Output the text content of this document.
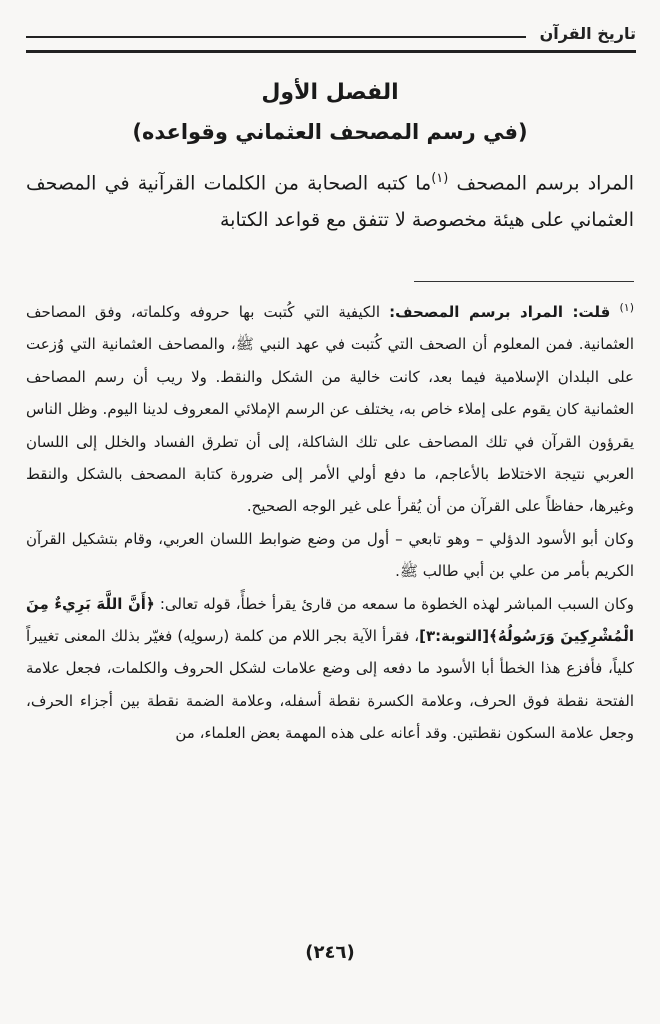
تاريخ القرآن
الفصل الأول
(في رسم المصحف العثماني وقواعده)

المراد برسم المصحف $^{(١)}$ما كتبه الصحابة من الكلمات القرآنية في المصحف العثماني على هيئة مخصوصة لا تتفق مع قواعد الكتابة

$^{(١)}$ قلت: المراد برسم المصحف: الكيفية التي كُتبت بها حروفه وكلماته، وفق المصاحف العثمانية. فمن المعلوم أن الصحف التي كُتبت في عهد النبي ﷺ، والمصاحف العثمانية التي وُزعت على البلدان الإسلامية فيما بعد، كانت خالية من الشكل والنقط. ولا ريب أن رسم المصاحف العثمانية كان يقوم على إملاء خاص به، يختلف عن الرسم الإملائي المعروف لدينا اليوم. وظل الناس يقرؤون القرآن في تلك المصاحف على تلك الشاكلة، إلى أن تطرق الفساد والخلل إلى اللسان العربي نتيجة الاختلاط بالأعاجم، ما دفع أولي الأمر إلى ضرورة كتابة المصحف بالشكل والنقط وغيرها، حفاظاً على القرآن من أن يُقرأ على غير الوجه الصحيح.

وكان أبو الأسود الدؤلي – وهو تابعي – أول من وضع ضوابط اللسان العربي، وقام بتشكيل القرآن الكريم بأمر من علي بن أبي طالب ﷺ.

وكان السبب المباشر لهذه الخطوة ما سمعه من قارئ يقرأ خطأً، قوله تعالى: ﴿أَنَّ اللَّهَ بَرِيءٌ مِنَ الْمُشْرِكِينَ وَرَسُولُهُ﴾[التوبة:٣]، فقرأ الآية بجر اللام من كلمة (رسولِه) فغيّر بذلك المعنى تغييراً كلياً، فأفزع هذا الخطأ أبا الأسود ما دفعه إلى وضع علامات لشكل الحروف والكلمات، فجعل علامة الفتحة نقطة فوق الحرف، وعلامة الكسرة نقطة أسفله، وعلامة الضمة نقطة بين أجزاء الحرف، وجعل علامة السكون نقطتين. وقد أعانه على هذه المهمة بعض العلماء، من

(٢٤٦)
